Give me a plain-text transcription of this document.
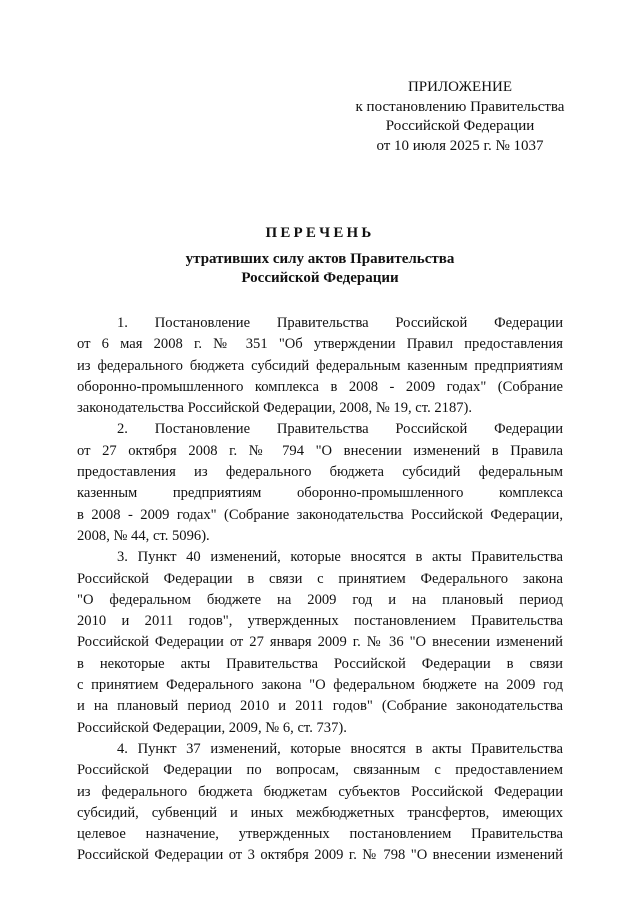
ПРИЛОЖЕНИЕ
к постановлению Правительства
Российской Федерации
от 10 июля 2025 г. № 1037
ПЕРЕЧЕНЬ
утративших силу актов Правительства
Российской Федерации
1. Постановление Правительства Российской Федерации
от 6 мая 2008 г. № 351 "Об утверждении Правил предоставления
из федерального бюджета субсидий федеральным казенным предприятиям
оборонно-промышленного комплекса в 2008 - 2009 годах" (Собрание
законодательства Российской Федерации, 2008, № 19, ст. 2187).
2. Постановление Правительства Российской Федерации
от 27 октября 2008 г. № 794 "О внесении изменений в Правила
предоставления из федерального бюджета субсидий федеральным
казенным предприятиям оборонно-промышленного комплекса
в 2008 - 2009 годах" (Собрание законодательства Российской Федерации,
2008, № 44, ст. 5096).
3. Пункт 40 изменений, которые вносятся в акты Правительства
Российской Федерации в связи с принятием Федерального закона
"О федеральном бюджете на 2009 год и на плановый период
2010 и 2011 годов", утвержденных постановлением Правительства
Российской Федерации от 27 января 2009 г. № 36 "О внесении изменений
в некоторые акты Правительства Российской Федерации в связи
с принятием Федерального закона "О федеральном бюджете на 2009 год
и на плановый период 2010 и 2011 годов" (Собрание законодательства
Российской Федерации, 2009, № 6, ст. 737).
4. Пункт 37 изменений, которые вносятся в акты Правительства
Российской Федерации по вопросам, связанным с предоставлением
из федерального бюджета бюджетам субъектов Российской Федерации
субсидий, субвенций и иных межбюджетных трансфертов, имеющих
целевое назначение, утвержденных постановлением Правительства
Российской Федерации от 3 октября 2009 г. № 798 "О внесении изменений
